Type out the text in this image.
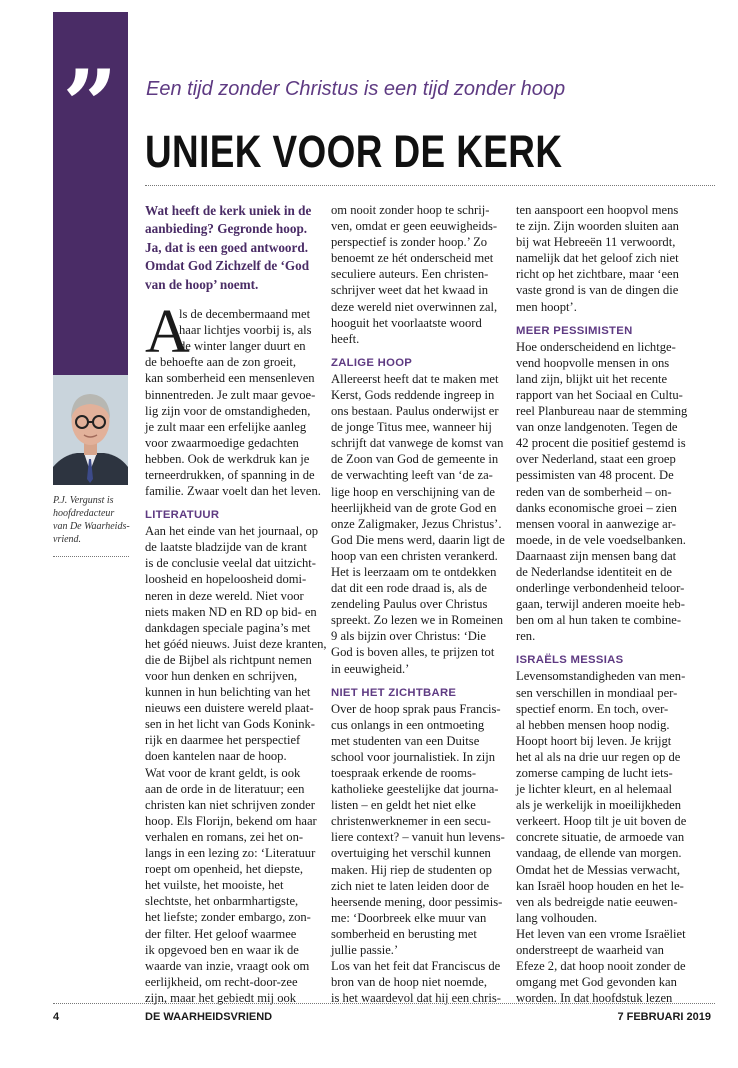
” Een tijd zonder Christus is een tijd zonder hoop
UNIEK VOOR DE KERK
P.J. Vergunst is
hoofdredacteur
van De Waarheids-
vriend.

Wat heeft de kerk uniek in de

aanbieding? Gegronde hoop.

Ja, dat is een goed antwoord.

Omdat God Zichzelf de ‘God

van de hoop’ noemt.

A

ls de decembermaand met

haar lichtjes voorbij is, als

de winter langer duurt en

de behoefte aan de zon groeit,

kan somberheid een mensenleven

binnentreden. Je zult maar gevoe-

lig zijn voor de omstandigheden,

je zult maar een erfelijke aanleg

voor zwaarmoedige gedachten

hebben. Ook de werkdruk kan je

terneerdrukken, of spanning in de

familie. Zwaar voelt dan het leven.

LITERATUUR

Aan het einde van het journaal, op

de laatste bladzijde van de krant

is de conclusie veelal dat uitzicht-

loosheid en hopeloosheid domi-

neren in deze wereld. Niet voor

niets maken ND en RD op bid- en

dankdagen speciale pagina’s met

het góéd nieuws. Juist deze kranten,

die de Bijbel als richtpunt nemen

voor hun denken en schrijven,

kunnen in hun belichting van het

nieuws een duistere wereld plaat-

sen in het licht van Gods Konink-

rijk en daarmee het perspectief

doen kantelen naar de hoop.

Wat voor de krant geldt, is ook

aan de orde in de literatuur; een

christen kan niet schrijven zonder

hoop. Els Florijn, bekend om haar

verhalen en romans, zei het on-

langs in een lezing zo: ‘Literatuur

roept om openheid, het diepste,

het vuilste, het mooiste, het

slechtste, het onbarmhartigste,

het liefste; zonder embargo, zon-

der filter. Het geloof waarmee

ik opgevoed ben en waar ik de

waarde van inzie, vraagt ook om

eerlijkheid, om recht-door-zee

zijn, maar het gebiedt mij ook

om nooit zonder hoop te schrij-

ven, omdat er geen eeuwigheids-

perspectief is zonder hoop.’ Zo

benoemt ze hét onderscheid met

seculiere auteurs. Een christen-

schrijver weet dat het kwaad in

deze wereld niet overwinnen zal,

hooguit het voorlaatste woord

heeft.

ZALIGE HOOP

Allereerst heeft dat te maken met

Kerst, Gods reddende ingreep in

ons bestaan. Paulus onderwijst er

de jonge Titus mee, wanneer hij

schrijft dat vanwege de komst van

de Zoon van God de gemeente in

de verwachting leeft van ‘de za-

lige hoop en verschijning van de

heerlijkheid van de grote God en

onze Zaligmaker, Jezus Christus’.

God Die mens werd, daarin ligt de

hoop van een christen verankerd.

Het is leerzaam om te ontdekken

dat dit een rode draad is, als de

zendeling Paulus over Christus

spreekt. Zo lezen we in Romeinen

9 als bijzin over Christus: ‘Die

God is boven alles, te prijzen tot

in eeuwigheid.’

NIET HET ZICHTBARE

Over de hoop sprak paus Francis-

cus onlangs in een ontmoeting

met studenten van een Duitse

school voor journalistiek. In zijn

toespraak erkende de rooms-

katholieke geestelijke dat journa-

listen – en geldt het niet elke

christenwerknemer in een secu-

liere context? – vanuit hun levens-

overtuiging het verschil kunnen

maken. Hij riep de studenten op

zich niet te laten leiden door de

heersende mening, door pessimis-

me: ‘Doorbreek elke muur van

somberheid en berusting met

jullie passie.’

Los van het feit dat Franciscus de

bron van de hoop niet noemde,

is het waardevol dat hij een chris-

ten aanspoort een hoopvol mens

te zijn. Zijn woorden sluiten aan

bij wat Hebreeën 11 verwoordt,

namelijk dat het geloof zich niet

richt op het zichtbare, maar ‘een

vaste grond is van de dingen die

men hoopt’.

MEER PESSIMISTEN

Hoe onderscheidend en lichtge-

vend hoopvolle mensen in ons

land zijn, blijkt uit het recente

rapport van het Sociaal en Cultu-

reel Planbureau naar de stemming

van onze landgenoten. Tegen de

42 procent die positief gestemd is

over Nederland, staat een groep

pessimisten van 48 procent. De

reden van de somberheid – on-

danks economische groei – zien

mensen vooral in aanwezige ar-

moede, in de vele voedselbanken.

Daarnaast zijn mensen bang dat

de Nederlandse identiteit en de

onderlinge verbondenheid teloor-

gaan, terwijl anderen moeite heb-

ben om al hun taken te combine-

ren.

ISRAËLS MESSIAS

Levensomstandigheden van men-

sen verschillen in mondiaal per-

spectief enorm. En toch, over-

al hebben mensen hoop nodig.

Hoopt hoort bij leven. Je krijgt

het al als na drie uur regen op de

zomerse camping de lucht iets-

je lichter kleurt, en al helemaal

als je werkelijk in moeilijkheden

verkeert. Hoop tilt je uit boven de

concrete situatie, de armoede van

vandaag, de ellende van morgen.

Omdat het de Messias verwacht,

kan Israël hoop houden en het le-

ven als bedreigde natie eeuwen-

lang volhouden.

Het leven van een vrome Israëliet

onderstreept de waarheid van

Efeze 2, dat hoop nooit zonder de

omgang met God gevonden kan

worden. In dat hoofdstuk lezen

4	DE WAARHEIDSVRIEND	7 FEBRUARI 2019
